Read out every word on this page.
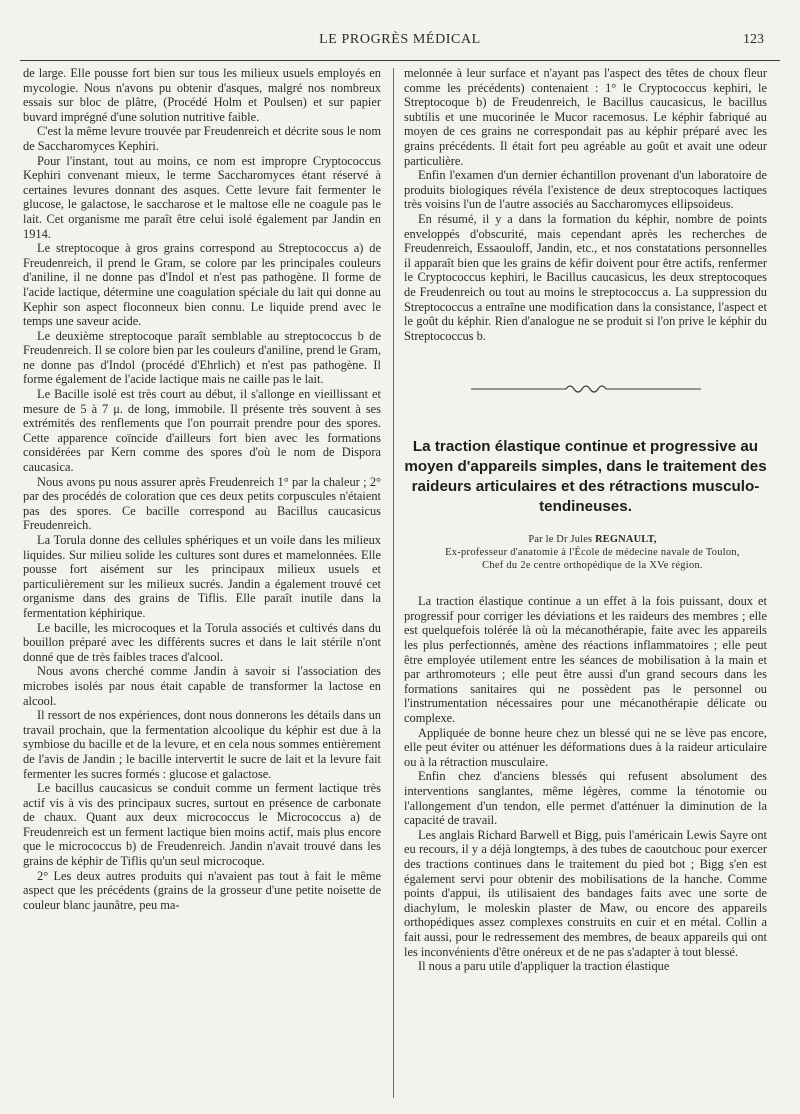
LE PROGRÈS MÉDICAL	123

de large. Elle pousse fort bien sur tous les milieux usuels employés en mycologie. Nous n'avons pu obtenir d'asques, malgré nos nombreux essais sur bloc de plâtre, (Procédé Holm et Poulsen) et sur papier buvard imprégné d'une solution nutritive faible.

C'est la même levure trouvée par Freudenreich et décrite sous le nom de Saccharomyces Kephiri.

Pour l'instant, tout au moins, ce nom est impropre Cryptococcus Kephiri convenant mieux, le terme Saccharomyces étant réservé à certaines levures donnant des asques. Cette levure fait fermenter le glucose, le galactose, le saccharose et le maltose elle ne coagule pas le lait. Cet organisme me paraît être celui isolé également par Jandin en 1914.

Le streptocoque à gros grains correspond au Streptococcus a) de Freudenreich, il prend le Gram, se colore par les principales couleurs d'aniline, il ne donne pas d'Indol et n'est pas pathogène. Il forme de l'acide lactique, détermine une coagulation spéciale du lait qui donne au Kephir son aspect floconneux bien connu. Le liquide prend avec le temps une saveur acide.

Le deuxième streptocoque paraît semblable au streptococcus b de Freudenreich. Il se colore bien par les couleurs d'aniline, prend le Gram, ne donne pas d'Indol (procédé d'Ehrlich) et n'est pas pathogène. Il forme également de l'acide lactique mais ne caille pas le lait.

Le Bacille isolé est très court au début, il s'allonge en vieillissant et mesure de 5 à 7 μ. de long, immobile. Il présente très souvent à ses extrémités des renflements que l'on pourrait prendre pour des spores. Cette apparence coïncide d'ailleurs fort bien avec les formations considérées par Kern comme des spores d'où le nom de Dispora caucasica.

Nous avons pu nous assurer après Freudenreich 1° par la chaleur ; 2° par des procédés de coloration que ces deux petits corpuscules n'étaient pas des spores. Ce bacille correspond au Bacillus caucasicus Freudenreich.

La Torula donne des cellules sphériques et un voile dans les milieux liquides. Sur milieu solide les cultures sont dures et mamelonnées. Elle pousse fort aisément sur les principaux milieux usuels et particulièrement sur les milieux sucrés. Jandin a également trouvé cet organisme dans des grains de Tiflis. Elle paraît inutile dans la fermentation képhirique.

Le bacille, les microcoques et la Torula associés et cultivés dans du bouillon préparé avec les différents sucres et dans le lait stérile n'ont donné que de très faibles traces d'alcool.

Nous avons cherché comme Jandin à savoir si l'association des microbes isolés par nous était capable de transformer la lactose en alcool.

Il ressort de nos expériences, dont nous donnerons les détails dans un travail prochain, que la fermentation alcoolique du képhir est due à la symbiose du bacille et de la levure, et en cela nous sommes entièrement de l'avis de Jandin ; le bacille intervertit le sucre de lait et la levure fait fermenter les sucres formés : glucose et galactose.

Le bacillus caucasicus se conduit comme un ferment lactique très actif vis à vis des principaux sucres, surtout en présence de carbonate de chaux. Quant aux deux micrococcus le Micrococcus a) de Freudenreich est un ferment lactique bien moins actif, mais plus encore que le micrococcus b) de Freudenreich. Jandin n'avait trouvé dans les grains de képhir de Tiflis qu'un seul microcoque.

2° Les deux autres produits qui n'avaient pas tout à fait le même aspect que les précédents (grains de la grosseur d'une petite noisette de couleur blanc jaunâtre, peu ma-

melonnée à leur surface et n'ayant pas l'aspect des têtes de choux fleur comme les précédents) contenaient : 1° le Cryptococcus kephiri, le Streptocoque b) de Freudenreich, le Bacillus caucasicus, le bacillus subtilis et une mucorinée le Mucor racemosus. Le képhir fabriqué au moyen de ces grains ne correspondait pas au képhir préparé avec les grains précédents. Il était fort peu agréable au goût et avait une odeur particulière.

Enfin l'examen d'un dernier échantillon provenant d'un laboratoire de produits biologiques révéla l'existence de deux streptocoques lactiques très voisins l'un de l'autre associés au Saccharomyces ellipsoideus.

En résumé, il y a dans la formation du képhir, nombre de points enveloppés d'obscurité, mais cependant après les recherches de Freudenreich, Essaouloff, Jandin, etc., et nos constatations personnelles il apparaît bien que les grains de kéfir doivent pour être actifs, renfermer le Cryptococcus kephiri, le Bacillus caucasicus, les deux streptocoques de Freudenreich ou tout au moins le streptococcus a. La suppression du Streptococcus a entraîne une modification dans la consistance, l'aspect et le goût du képhir. Rien d'analogue ne se produit si l'on prive le képhir du Streptococcus b.

La traction élastique continue et progressive au moyen d'appareils simples, dans le traitement des raideurs articulaires et des rétractions musculo-tendineuses.

Par le Dr Jules REGNAULT,

Ex-professeur d'anatomie à l'École de médecine navale de Toulon,

Chef du 2e centre orthopédique de la XVe région.

La traction élastique continue a un effet à la fois puissant, doux et progressif pour corriger les déviations et les raideurs des membres ; elle est quelquefois tolérée là où la mécanothérapie, faite avec les appareils les plus perfectionnés, amène des réactions inflammatoires ; elle peut être employée utilement entre les séances de mobilisation à la main et par arthromoteurs ; elle peut être aussi d'un grand secours dans les formations sanitaires qui ne possèdent pas le personnel ou l'instrumentation nécessaires pour une mécanothérapie délicate ou complexe.

Appliquée de bonne heure chez un blessé qui ne se lève pas encore, elle peut éviter ou atténuer les déformations dues à la raideur articulaire ou à la rétraction musculaire.

Enfin chez d'anciens blessés qui refusent absolument des interventions sanglantes, même légères, comme la ténotomie ou l'allongement d'un tendon, elle permet d'atténuer la diminution de la capacité de travail.

Les anglais Richard Barwell et Bigg, puis l'américain Lewis Sayre ont eu recours, il y a déjà longtemps, à des tubes de caoutchouc pour exercer des tractions continues dans le traitement du pied bot ; Bigg s'en est également servi pour obtenir des mobilisations de la hanche. Comme points d'appui, ils utilisaient des bandages faits avec une sorte de diachylum, le moleskin plaster de Maw, ou encore des appareils orthopédiques assez complexes construits en cuir et en métal. Collin a fait aussi, pour le redressement des membres, de beaux appareils qui ont les inconvénients d'être onéreux et de ne pas s'adapter à tout blessé.

Il nous a paru utile d'appliquer la traction élastique
